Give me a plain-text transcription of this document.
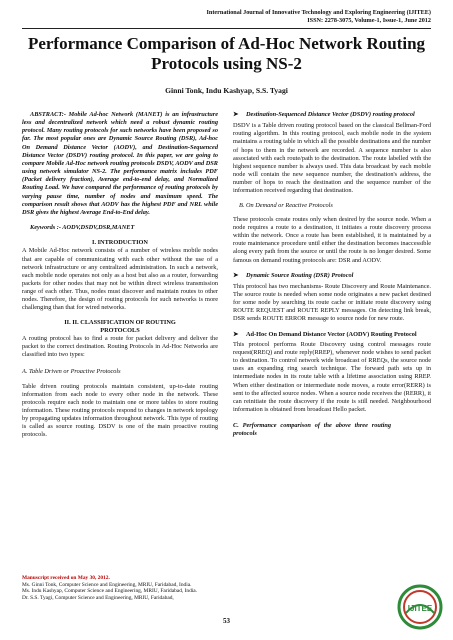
International Journal of Innovative Technology and Exploring Engineering (IJITEE)
ISSN: 2278-3075, Volume-1, Issue-1, June 2012
Performance Comparison of Ad-Hoc Network Routing Protocols using NS-2
Ginni Tonk, Indu Kashyap, S.S. Tyagi

ABSTRACT:- Mobile Ad-hoc Network (MANET) is an infrastructure less and decentralized network which need a robust dynamic routing protocol. Many routing protocols for such networks have been proposed so far. The most popular ones are Dynamic Source Routing (DSR), Ad-hoc On Demand Distance Vector (AODV), and Destination-Sequenced Distance Vector (DSDV) routing protocol. In this paper, we are going to compare Mobile Ad-Hoc network routing protocols DSDV, AODV and DSR using network simulator NS-2. The performance matrix includes PDF (Packet delivery fraction), Average end-to-end delay, and Normalized Routing Load. We have compared the performance of routing protocols by varying pause time, number of nodes and maximum speed. The comparison result shows that AODV has the highest PDF and NRL while DSR gives the highest Average End-to-End delay.

Keywords :- AODV,DSDV,DSR,MANET

I. INTRODUCTION

A Mobile Ad-Hoc network consists of a number of wireless mobile nodes that are capable of communicating with each other without the use of a network infrastructure or any centralized administration. In such a network, each mobile node operates not only as a host but also as a router, forwarding packets for other nodes that may not be within direct wireless transmission range of each other. Thus, nodes must discover and maintain routes to other nodes. Therefore, the design of routing protocols for such networks is more challenging than that for wired networks.

II. II. CLASSIFICATION OF ROUTING PROTOCOLS

A routing protocol has to find a route for packet delivery and deliver the packet to the correct destination. Routing Protocols in Ad-Hoc Networks are classified into two types:

A. Table Driven or Proactive Protocols

Table driven routing protocols maintain consistent, up-to-date routing information from each node to every other node in the network. These protocols require each node to maintain one or more tables to store routing information. These routing protocols respond to changes in network topology by propagating updates information throughout network. This type of routing is called as source routing. DSDV is one of the main proactive routing protocols.

Manuscript received on May 30, 2012.
Ms. Ginni Tonk, Computer Science and Engineering, MRIU, Faridabad, India.
Ms. Indu Kashyap, Computer Science and Engineering, MRIU, Faridabad, India.
Dr. S.S. Tyagi, Computer Science and Engineering, MRIU, Faridabad,

➤ Destination-Sequenced Distance Vector (DSDV) routing protocol

DSDV is a Table driven routing protocol based on the classical Bellman-Ford routing algorithm. In this routing protocol, each mobile node in the system maintains a routing table in which all the possible destinations and the number of hops to them in the network are recorded. A sequence number is also associated with each route/path to the destination. The route labelled with the highest sequence number is always used. This data broadcast by each mobile node will contain the new sequence number, the destination's address, the number of hops to reach the destination and the sequence number of the information received regarding that destination.

B. On Demand or Reactive Protocols

These protocols create routes only when desired by the source node. When a node requires a route to a destination, it initiates a route discovery process within the network. Once a route has been established, it is maintained by a route maintenance procedure until either the destination becomes inaccessible along every path from the source or until the route is no longer desired. Some famous on demand routing protocols are: DSR and AODV.

➤ Dynamic Source Routing (DSR) Protocol

This protocol has two mechanisms- Route Discovery and Route Maintenance. The source route is needed when some node originates a new packet destined for some node by searching its route cache or initiate route discovery using ROUTE REQUEST and ROUTE REPLY messages. On detecting link break, DSR sends ROUTE ERROR message to source node for new route.

➤ Ad-Hoc On Demand Distance Vector (AODV) Routing Protocol

This protocol performs Route Discovery using control messages route request(RREQ) and route reply(RREP), whenever node wishes to send packet to destination. To control network wide broadcast of RREQs, the source node uses an expanding ring search technique. The forward path sets up in intermediate nodes in its route table with a lifetime association using RREP. When either destination or intermediate node moves, a route error(RERR) is sent to the affected source nodes. When a source node receives the (RERR), it can reinitiate the route discovery if the route is still needed. Neighbourhood information is obtained from broadcast Hello packet.

C. Performance comparison of the above three routing protocols

53
IJITEE
